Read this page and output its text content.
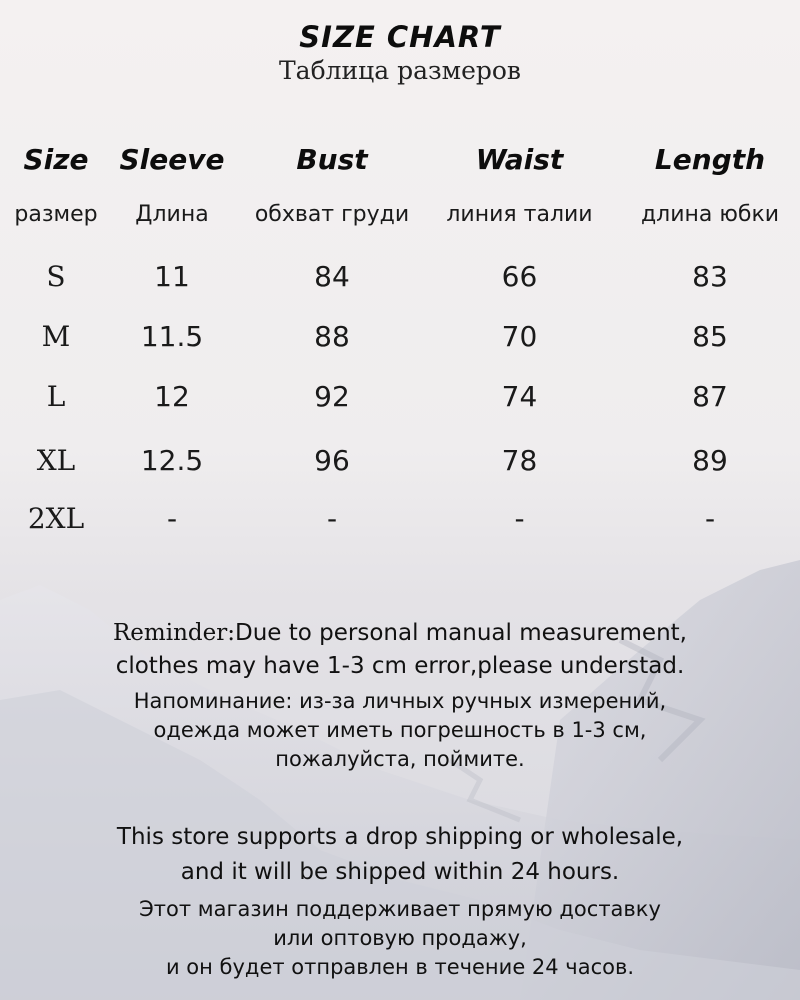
SIZE CHART
Таблица размеров
Size	Sleeve	Bust	Waist	Length
размер	Длина	обхват груди	линия талии	длина юбки
S	11	84	66	83
M	11.5	88	70	85
L	12	92	74	87
XL	12.5	96	78	89
2XL	-	-	-	-
Reminder:Due to personal manual measurement,
clothes may have 1-3 cm error,please understad.
Напоминание: из-за личных ручных измерений,
одежда может иметь погрешность в 1-3 см,
пожалуйста, поймите.
This store supports a drop shipping or wholesale,
and it will be shipped within 24 hours.
Этот магазин поддерживает прямую доставку
или оптовую продажу,
и он будет отправлен в течение 24 часов.
